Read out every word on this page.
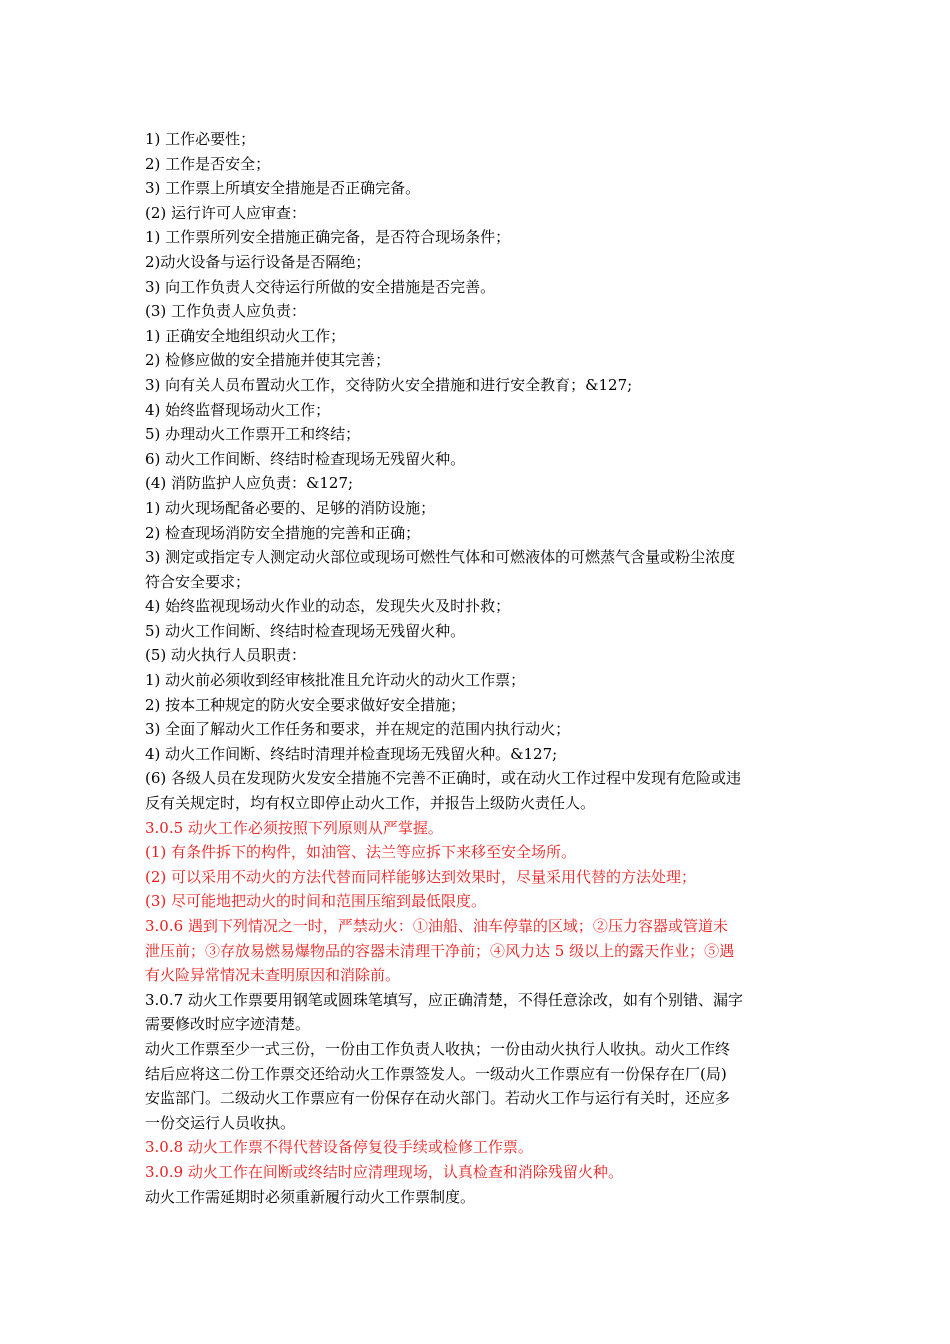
1) 工作必要性；
2) 工作是否安全；
3) 工作票上所填安全措施是否正确完备。
(2) 运行许可人应审查：
1) 工作票所列安全措施正确完备，是否符合现场条件；
2)动火设备与运行设备是否隔绝；
3) 向工作负责人交待运行所做的安全措施是否完善。
(3) 工作负责人应负责：
1) 正确安全地组织动火工作；
2) 检修应做的安全措施并使其完善；
3) 向有关人员布置动火工作，交待防火安全措施和进行安全教育；&127;
4) 始终监督现场动火工作；
5) 办理动火工作票开工和终结；
6) 动火工作间断、终结时检查现场无残留火种。
(4) 消防监护人应负责：&127;
1) 动火现场配备必要的、足够的消防设施；
2) 检查现场消防安全措施的完善和正确；
3) 测定或指定专人测定动火部位或现场可燃性气体和可燃液体的可燃蒸气含量或粉尘浓度
符合安全要求；
4) 始终监视现场动火作业的动态，发现失火及时扑救；
5) 动火工作间断、终结时检查现场无残留火种。
(5) 动火执行人员职责：
1) 动火前必须收到经审核批准且允许动火的动火工作票；
2) 按本工种规定的防火安全要求做好安全措施；
3) 全面了解动火工作任务和要求，并在规定的范围内执行动火；
4) 动火工作间断、终结时清理并检查现场无残留火种。&127;
(6) 各级人员在发现防火发安全措施不完善不正确时，或在动火工作过程中发现有危险或违
反有关规定时，均有权立即停止动火工作，并报告上级防火责任人。
3.0.5 动火工作必须按照下列原则从严掌握。
(1) 有条件拆下的构件，如油管、法兰等应拆下来移至安全场所。
(2) 可以采用不动火的方法代替而同样能够达到效果时，尽量采用代替的方法处理；
(3) 尽可能地把动火的时间和范围压缩到最低限度。
3.0.6 遇到下列情况之一时，严禁动火：①油船、油车停靠的区域；②压力容器或管道未
泄压前；③存放易燃易爆物品的容器未清理干净前；④风力达 5 级以上的露天作业；⑤遇
有火险异常情况未查明原因和消除前。
3.0.7 动火工作票要用钢笔或圆珠笔填写，应正确清楚，不得任意涂改，如有个别错、漏字
需要修改时应字迹清楚。
动火工作票至少一式三份，一份由工作负责人收执；一份由动火执行人收执。动火工作终
结后应将这二份工作票交还给动火工作票签发人。一级动火工作票应有一份保存在厂(局)
安监部门。二级动火工作票应有一份保存在动火部门。若动火工作与运行有关时，还应多
一份交运行人员收执。
3.0.8 动火工作票不得代替设备停复役手续或检修工作票。
3.0.9 动火工作在间断或终结时应清理现场，认真检查和消除残留火种。
动火工作需延期时必须重新履行动火工作票制度。
